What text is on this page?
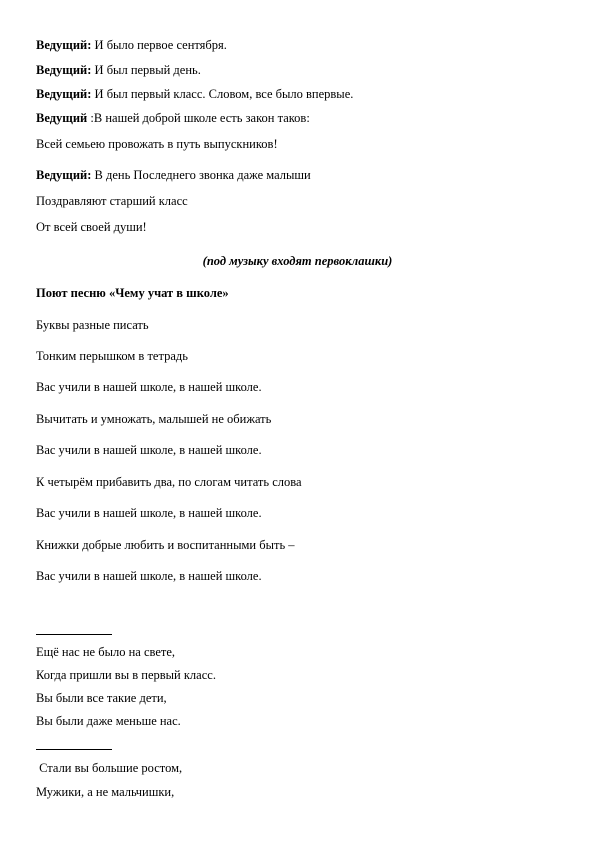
Ведущий: И было первое сентября.
Ведущий: И был первый день.
Ведущий: И был первый класс. Словом, все было впервые.
Ведущий :В нашей доброй школе есть закон таков:
Всей семьею провожать в путь выпускников!
Ведущий: В день Последнего звонка даже малыши
Поздравляют старший класс
От всей своей души!
(под музыку входят первоклашки)
Поют песню «Чему учат в школе»
Буквы разные писать
Тонким перышком в тетрадь
Вас учили в нашей школе, в нашей школе.
Вычитать и умножать, малышей не обижать
Вас учили в нашей школе, в нашей школе.
К четырём прибавить два, по слогам читать слова
Вас учили в нашей школе, в нашей школе.
Книжки добрые любить и воспитанными быть –
Вас учили в нашей школе, в нашей школе.
Ещё нас не было на свете,
Когда пришли вы в первый класс.
Вы были все такие дети,
Вы были даже меньше нас.
Стали вы большие ростом,
Мужики, а не мальчишки,
